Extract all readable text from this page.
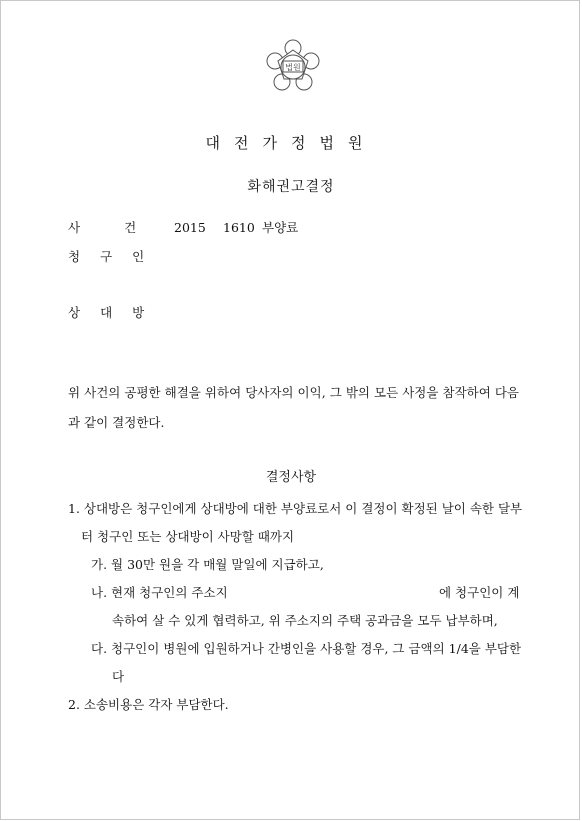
법원
대전가정법원
화해권고결정
사건
2015 1610 부양료
청구인
상대방
위 사건의 공평한 해결을 위하여 당사자의 이익, 그 밖의 모든 사정을 참작하여 다음
과 같이 결정한다.
결정사항
1. 상대방은 청구인에게 상대방에 대한 부양료로서 이 결정이 확정된 날이 속한 달부
터 청구인 또는 상대방이 사망할 때까지
가. 월 30만 원을 각 매월 말일에 지급하고,
나. 현재 청구인의 주소지	에 청구인이 계
속하여 살 수 있게 협력하고, 위 주소지의 주택 공과금을 모두 납부하며,
다. 청구인이 병원에 입원하거나 간병인을 사용할 경우, 그 금액의 1/4을 부담한
다
2. 소송비용은 각자 부담한다.
